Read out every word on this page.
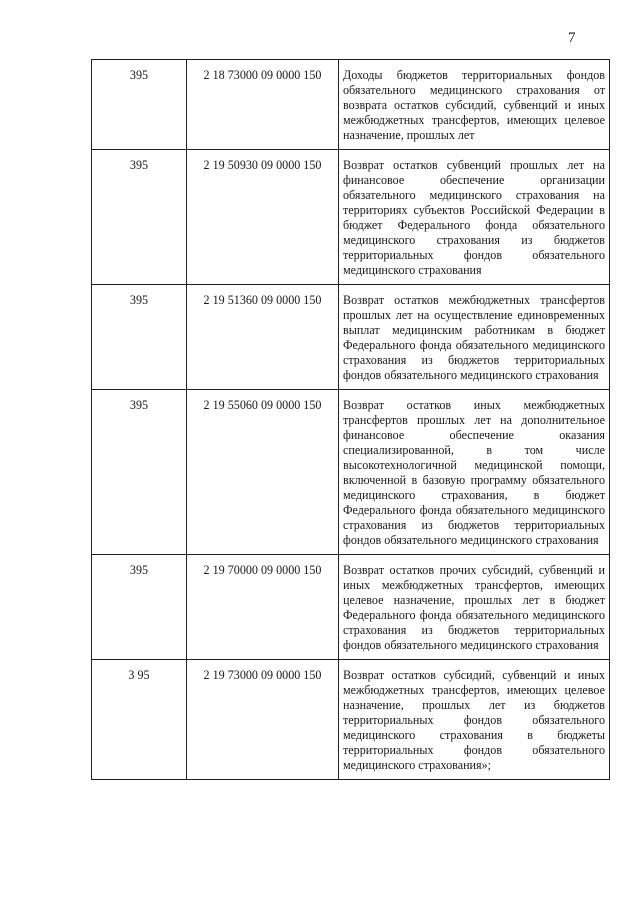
7
395	2 18 73000 09 0000 150	Доходы бюджетов территориальных фондов обязательного медицинского страхования от возврата остатков субсидий, субвенций и иных межбюджетных трансфертов, имеющих целевое назначение, прошлых лет
395	2 19 50930 09 0000 150	Возврат остатков субвенций прошлых лет на финансовое обеспечение организации обязательного медицинского страхования на территориях субъектов Российской Федерации в бюджет Федерального фонда обязательного медицинского страхования из бюджетов территориальных фондов обязательного медицинского страхования
395	2 19 51360 09 0000 150	Возврат остатков межбюджетных трансфертов прошлых лет на осуществление единовременных выплат медицинским работникам в бюджет Федерального фонда обязательного медицинского страхования из бюджетов территориальных фондов обязательного медицинского страхования
395	2 19 55060 09 0000 150	Возврат остатков иных межбюджетных трансфертов прошлых лет на дополнительное финансовое обеспечение оказания специализированной, в том числе высокотехнологичной медицинской помощи, включенной в базовую программу обязательного медицинского страхования, в бюджет Федерального фонда обязательного медицинского страхования из бюджетов территориальных фондов обязательного медицинского страхования
395	2 19 70000 09 0000 150	Возврат остатков прочих субсидий, субвенций и иных межбюджетных трансфертов, имеющих целевое назначение, прошлых лет в бюджет Федерального фонда обязательного медицинского страхования из бюджетов территориальных фондов обязательного медицинского страхования
3 95	2 19 73000 09 0000 150	Возврат остатков субсидий, субвенций и иных межбюджетных трансфертов, имеющих целевое назначение, прошлых лет из бюджетов территориальных фондов обязательного медицинского страхования в бюджеты территориальных фондов обязательного медицинского страхования»;
